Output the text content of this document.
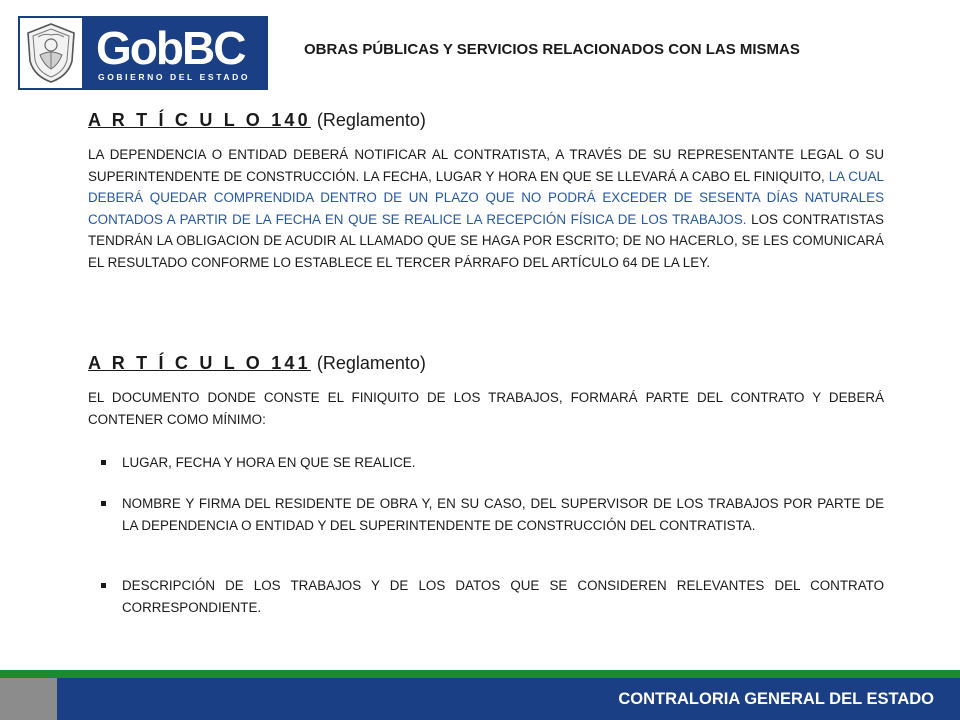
GobBC
GOBIERNO DEL ESTADO
OBRAS PÚBLICAS Y SERVICIOS RELACIONADOS CON LAS MISMAS
A R T Í C U L O 140 (Reglamento)
LA DEPENDENCIA O ENTIDAD DEBERÁ NOTIFICAR AL CONTRATISTA, A TRAVÉS DE SU REPRESENTANTE LEGAL O SU SUPERINTENDENTE DE CONSTRUCCIÓN. LA FECHA, LUGAR Y HORA EN QUE SE LLEVARÁ A CABO EL FINIQUITO, LA CUAL DEBERÁ QUEDAR COMPRENDIDA DENTRO DE UN PLAZO QUE NO PODRÁ EXCEDER DE SESENTA DÍAS NATURALES CONTADOS A PARTIR DE LA FECHA EN QUE SE REALICE LA RECEPCIÓN FÍSICA DE LOS TRABAJOS. LOS CONTRATISTAS TENDRÁN LA OBLIGACION DE ACUDIR AL LLAMADO QUE SE HAGA POR ESCRITO; DE NO HACERLO, SE LES COMUNICARÁ EL RESULTADO CONFORME LO ESTABLECE EL TERCER PÁRRAFO DEL ARTÍCULO 64 DE LA LEY.
A R T Í C U L O 141 (Reglamento)
EL DOCUMENTO DONDE CONSTE EL FINIQUITO DE LOS TRABAJOS, FORMARÁ PARTE DEL CONTRATO Y DEBERÁ CONTENER COMO MÍNIMO:
LUGAR, FECHA Y HORA EN QUE SE REALICE.
NOMBRE Y FIRMA DEL RESIDENTE DE OBRA Y, EN SU CASO, DEL SUPERVISOR DE LOS TRABAJOS POR PARTE DE LA DEPENDENCIA O ENTIDAD Y DEL SUPERINTENDENTE DE CONSTRUCCIÓN DEL CONTRATISTA.
DESCRIPCIÓN DE LOS TRABAJOS Y DE LOS DATOS QUE SE CONSIDEREN RELEVANTES DEL CONTRATO CORRESPONDIENTE.
CONTRALORIA GENERAL DEL ESTADO
